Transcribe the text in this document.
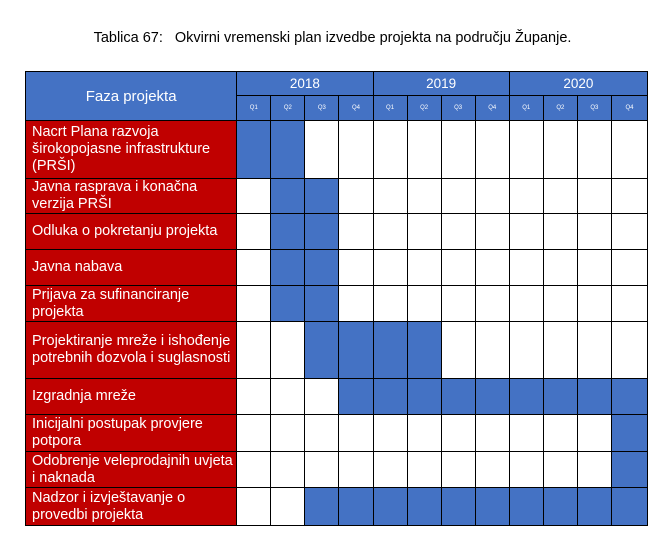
Tablica 67: Okvirni vremenski plan izvedbe projekta na području Županje.
Faza projekta	2018				2019				2020			
	Q1	Q2	Q3	Q4	Q1	Q2	Q3	Q4	Q1	Q2	Q3	Q4
Nacrt Plana razvoja širokopojasne infrastrukture (PRŠI)												
Javna rasprava i konačna verzija PRŠI												
Odluka o pokretanju projekta												
Javna nabava												
Prijava za sufinanciranje projekta												
Projektiranje mreže i ishođenje potrebnih dozvola i suglasnosti												
Izgradnja mreže												
Inicijalni postupak provjere potpora												
Odobrenje veleprodajnih uvjeta i naknada												
Nadzor i izvještavanje o provedbi projekta												
